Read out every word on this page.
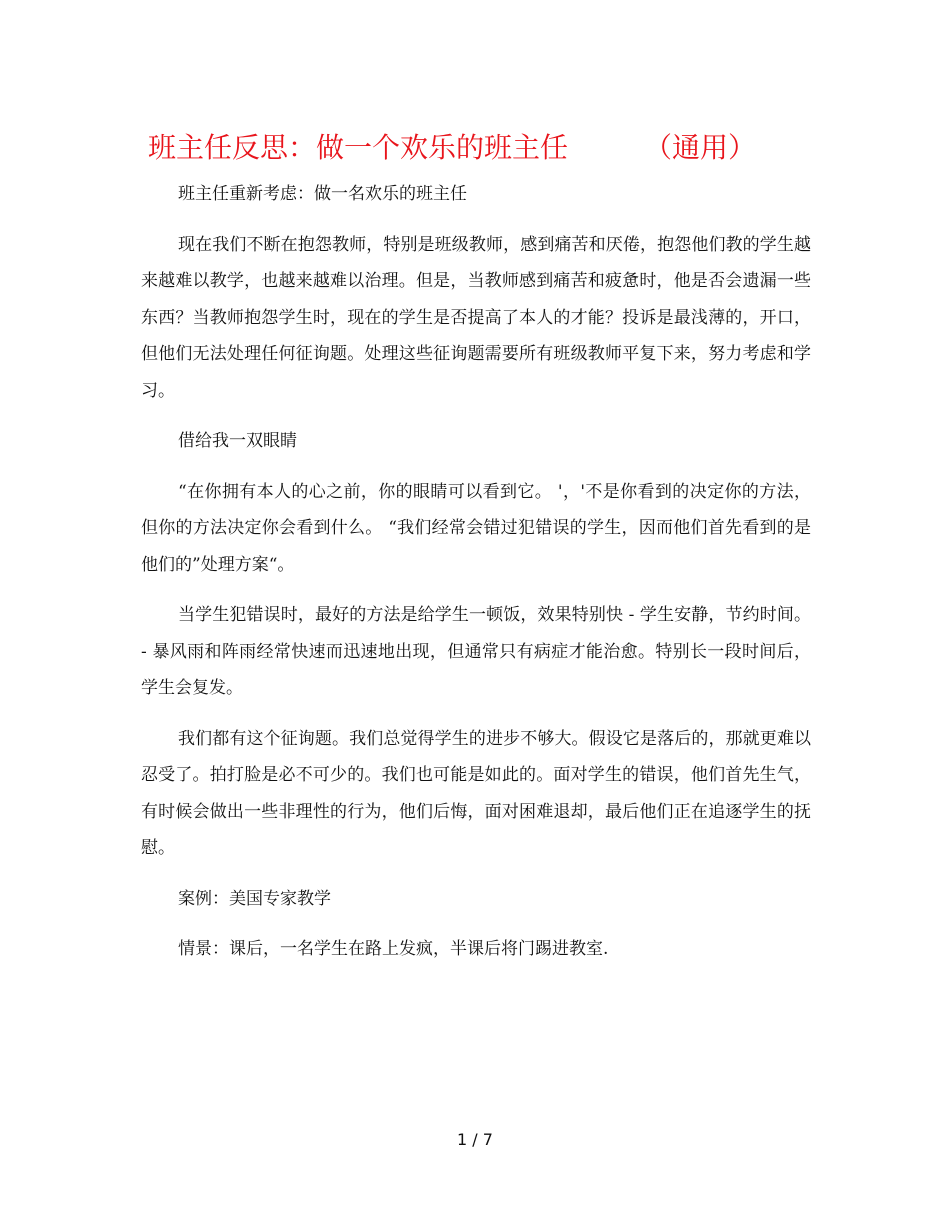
班主任反思：做一个欢乐的班主任	（通用）

班主任重新考虑：做一名欢乐的班主任

现在我们不断在抱怨教师，特别是班级教师，感到痛苦和厌倦，抱怨他们教的学生越来越难以教学，也越来越难以治理。但是，当教师感到痛苦和疲惫时，他是否会遗漏一些东西？当教师抱怨学生时，现在的学生是否提高了本人的才能？投诉是最浅薄的，开口，但他们无法处理任何征询题。处理这些征询题需要所有班级教师平复下来，努力考虑和学习。

借给我一双眼睛

“在你拥有本人的心之前，你的眼睛可以看到它。 '，'不是你看到的决定你的方法，但你的方法决定你会看到什么。 “我们经常会错过犯错误的学生，因而他们首先看到的是他们的”处理方案“。

当学生犯错误时，最好的方法是给学生一顿饭，效果特别快 - 学生安静，节约时间。 - 暴风雨和阵雨经常快速而迅速地出现，但通常只有病症才能治愈。特别长一段时间后，学生会复发。

我们都有这个征询题。我们总觉得学生的进步不够大。假设它是落后的，那就更难以忍受了。拍打脸是必不可少的。我们也可能是如此的。面对学生的错误，他们首先生气，有时候会做出一些非理性的行为，他们后悔，面对困难退却，最后他们正在追逐学生的抚慰。

案例：美国专家教学

情景：课后，一名学生在路上发疯，半课后将门踢进教室.

1 / 7
